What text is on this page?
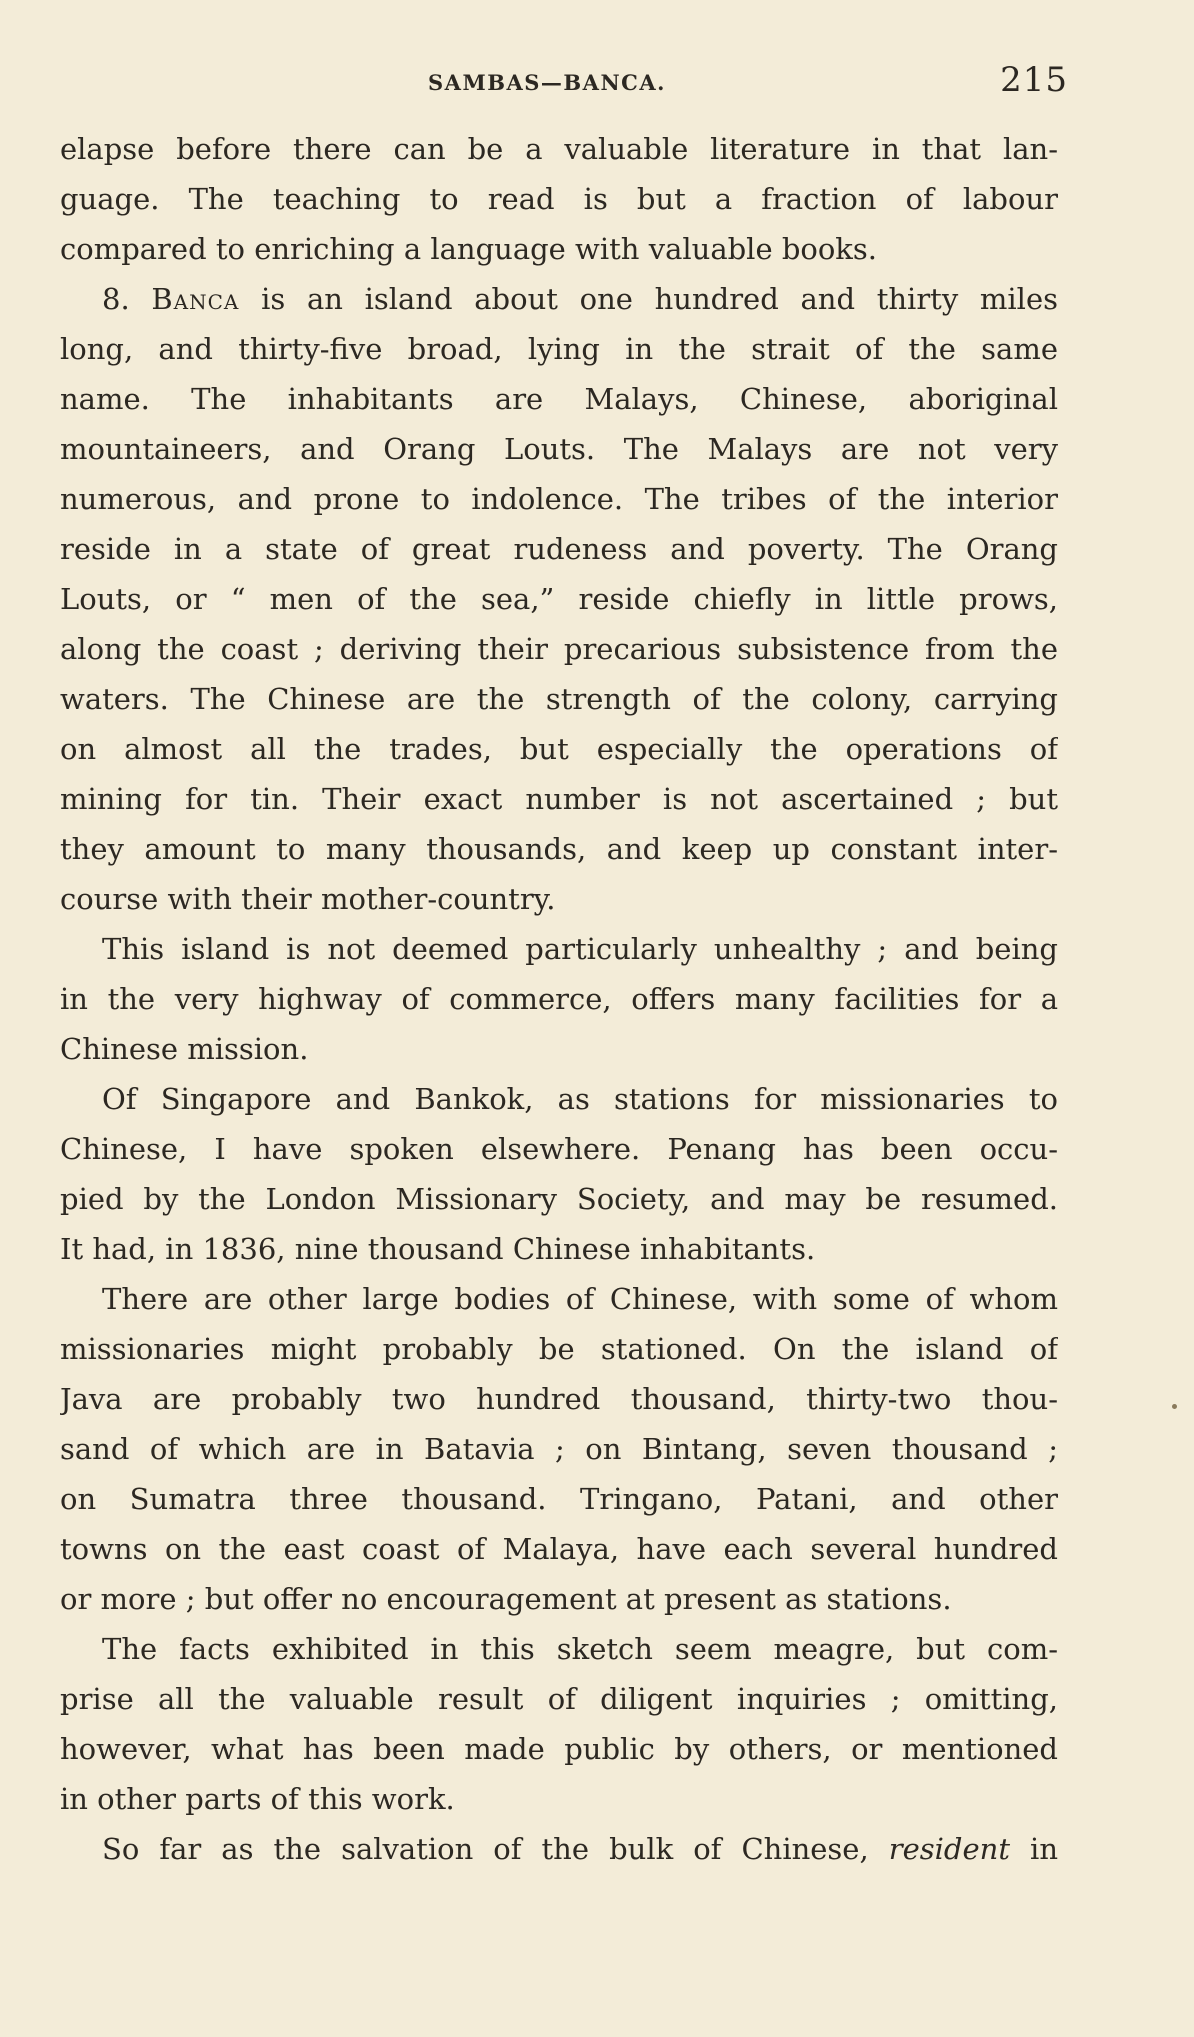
SAMBAS—BANCA.	215
elapse before there can be a valuable literature in that lan-
guage. The teaching to read is but a fraction of labour
compared to enriching a language with valuable books.
8. Banca is an island about one hundred and thirty miles
long, and thirty-five broad, lying in the strait of the same
name. The inhabitants are Malays, Chinese, aboriginal
mountaineers, and Orang Louts. The Malays are not very
numerous, and prone to indolence. The tribes of the interior
reside in a state of great rudeness and poverty. The Orang
Louts, or “ men of the sea,” reside chiefly in little prows,
along the coast ; deriving their precarious subsistence from the
waters. The Chinese are the strength of the colony, carrying
on almost all the trades, but especially the operations of
mining for tin. Their exact number is not ascertained ; but
they amount to many thousands, and keep up constant inter-
course with their mother-country.
This island is not deemed particularly unhealthy ; and being
in the very highway of commerce, offers many facilities for a
Chinese mission.
Of Singapore and Bankok, as stations for missionaries to
Chinese, I have spoken elsewhere. Penang has been occu-
pied by the London Missionary Society, and may be resumed.
It had, in 1836, nine thousand Chinese inhabitants.
There are other large bodies of Chinese, with some of whom
missionaries might probably be stationed. On the island of
Java are probably two hundred thousand, thirty-two thou-
sand of which are in Batavia ; on Bintang, seven thousand ;
on Sumatra three thousand. Tringano, Patani, and other
towns on the east coast of Malaya, have each several hundred
or more ; but offer no encouragement at present as stations.
The facts exhibited in this sketch seem meagre, but com-
prise all the valuable result of diligent inquiries ; omitting,
however, what has been made public by others, or mentioned
in other parts of this work.
So far as the salvation of the bulk of Chinese, resident in
